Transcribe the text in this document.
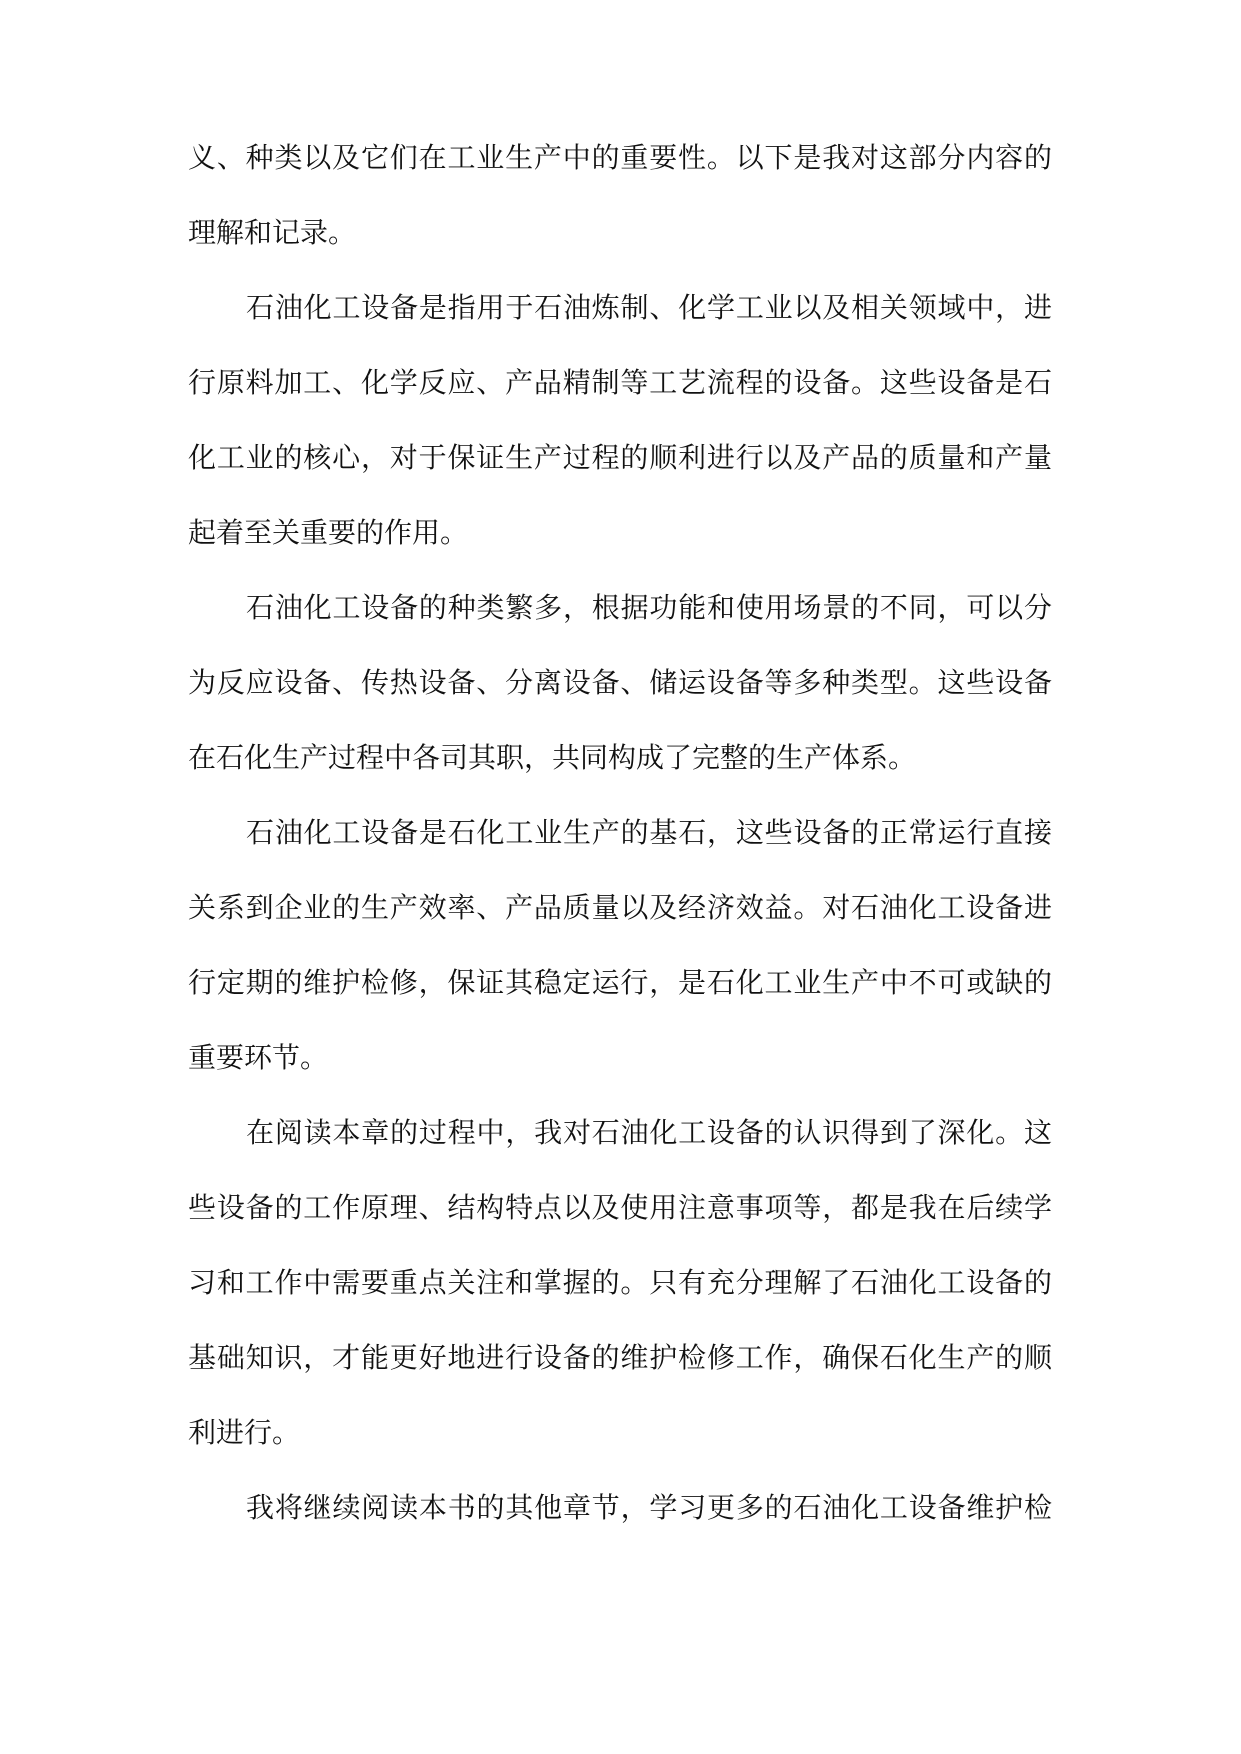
义、种类以及它们在工业生产中的重要性。以下是我对这部分内容的
理解和记录。
石油化工设备是指用于石油炼制、化学工业以及相关领域中，进
行原料加工、化学反应、产品精制等工艺流程的设备。这些设备是石
化工业的核心，对于保证生产过程的顺利进行以及产品的质量和产量
起着至关重要的作用。
石油化工设备的种类繁多，根据功能和使用场景的不同，可以分
为反应设备、传热设备、分离设备、储运设备等多种类型。这些设备
在石化生产过程中各司其职，共同构成了完整的生产体系。
石油化工设备是石化工业生产的基石，这些设备的正常运行直接
关系到企业的生产效率、产品质量以及经济效益。对石油化工设备进
行定期的维护检修，保证其稳定运行，是石化工业生产中不可或缺的
重要环节。
在阅读本章的过程中，我对石油化工设备的认识得到了深化。这
些设备的工作原理、结构特点以及使用注意事项等，都是我在后续学
习和工作中需要重点关注和掌握的。只有充分理解了石油化工设备的
基础知识，才能更好地进行设备的维护检修工作，确保石化生产的顺
利进行。
我将继续阅读本书的其他章节，学习更多的石油化工设备维护检
